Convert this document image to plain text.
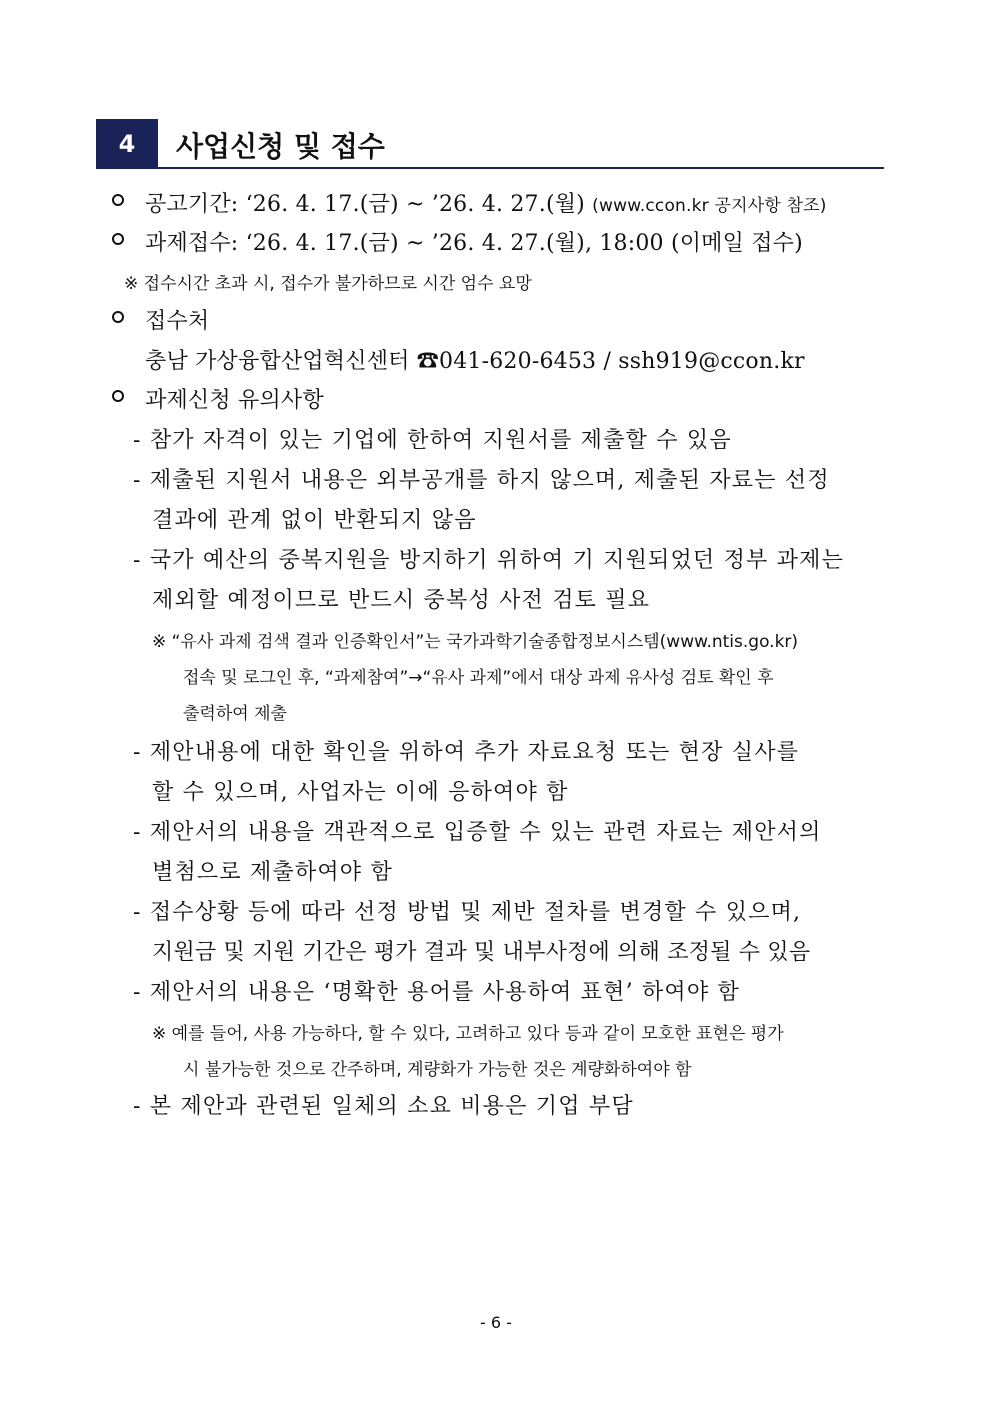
4	사업신청 및 접수
공고기간: ‘26. 4. 17.(금) ~ ’26. 4. 27.(월) (www.ccon.kr 공지사항 참조)
과제접수: ‘26. 4. 17.(금) ~ ’26. 4. 27.(월), 18:00 (이메일 접수)
※ 접수시간 초과 시, 접수가 불가하므로 시간 엄수 요망
접수처
충남 가상융합산업혁신센터 ☎041-620-6453 / ssh919@ccon.kr
과제신청 유의사항
- 참가 자격이 있는 기업에 한하여 지원서를 제출할 수 있음
- 제출된 지원서 내용은 외부공개를 하지 않으며, 제출된 자료는 선정
결과에 관계 없이 반환되지 않음
- 국가 예산의 중복지원을 방지하기 위하여 기 지원되었던 정부 과제는
제외할 예정이므로 반드시 중복성 사전 검토 필요
※ “유사 과제 검색 결과 인증확인서”는 국가과학기술종합정보시스템(www.ntis.go.kr)
접속 및 로그인 후, “과제참여”→“유사 과제”에서 대상 과제 유사성 검토 확인 후
출력하여 제출
- 제안내용에 대한 확인을 위하여 추가 자료요청 또는 현장 실사를
할 수 있으며, 사업자는 이에 응하여야 함
- 제안서의 내용을 객관적으로 입증할 수 있는 관련 자료는 제안서의
별첨으로 제출하여야 함
- 접수상황 등에 따라 선정 방법 및 제반 절차를 변경할 수 있으며,
지원금 및 지원 기간은 평가 결과 및 내부사정에 의해 조정될 수 있음
- 제안서의 내용은 ‘명확한 용어를 사용하여 표현’ 하여야 함
※ 예를 들어, 사용 가능하다, 할 수 있다, 고려하고 있다 등과 같이 모호한 표현은 평가
시 불가능한 것으로 간주하며, 계량화가 가능한 것은 계량화하여야 함
- 본 제안과 관련된 일체의 소요 비용은 기업 부담
- 6 -
